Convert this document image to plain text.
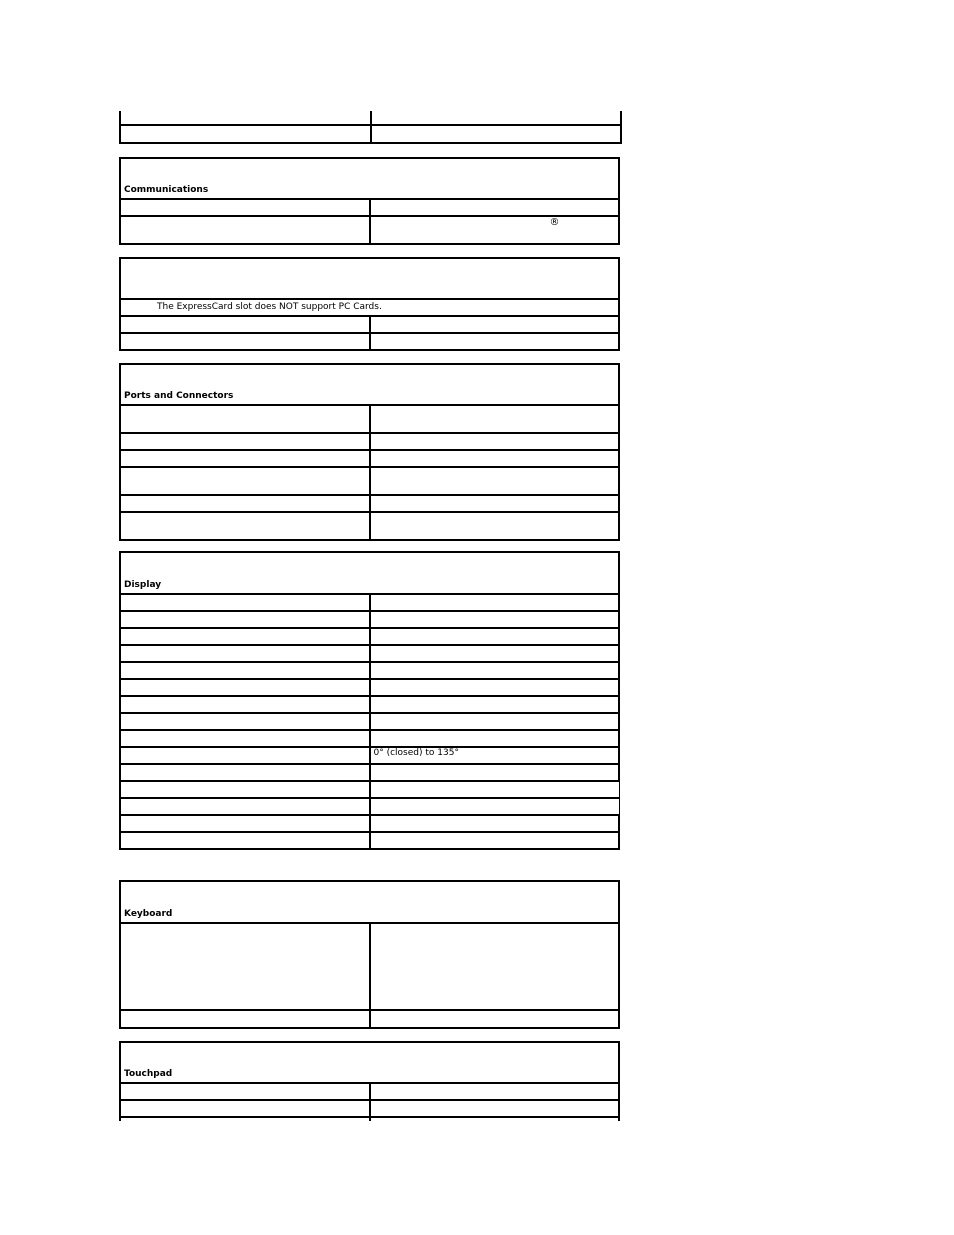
Communications	

	®

The ExpressCard slot does NOT support PC Cards.	

Ports and Connectors	

Display	

	0° (closed) to 135°

Keyboard	

Touchpad	
